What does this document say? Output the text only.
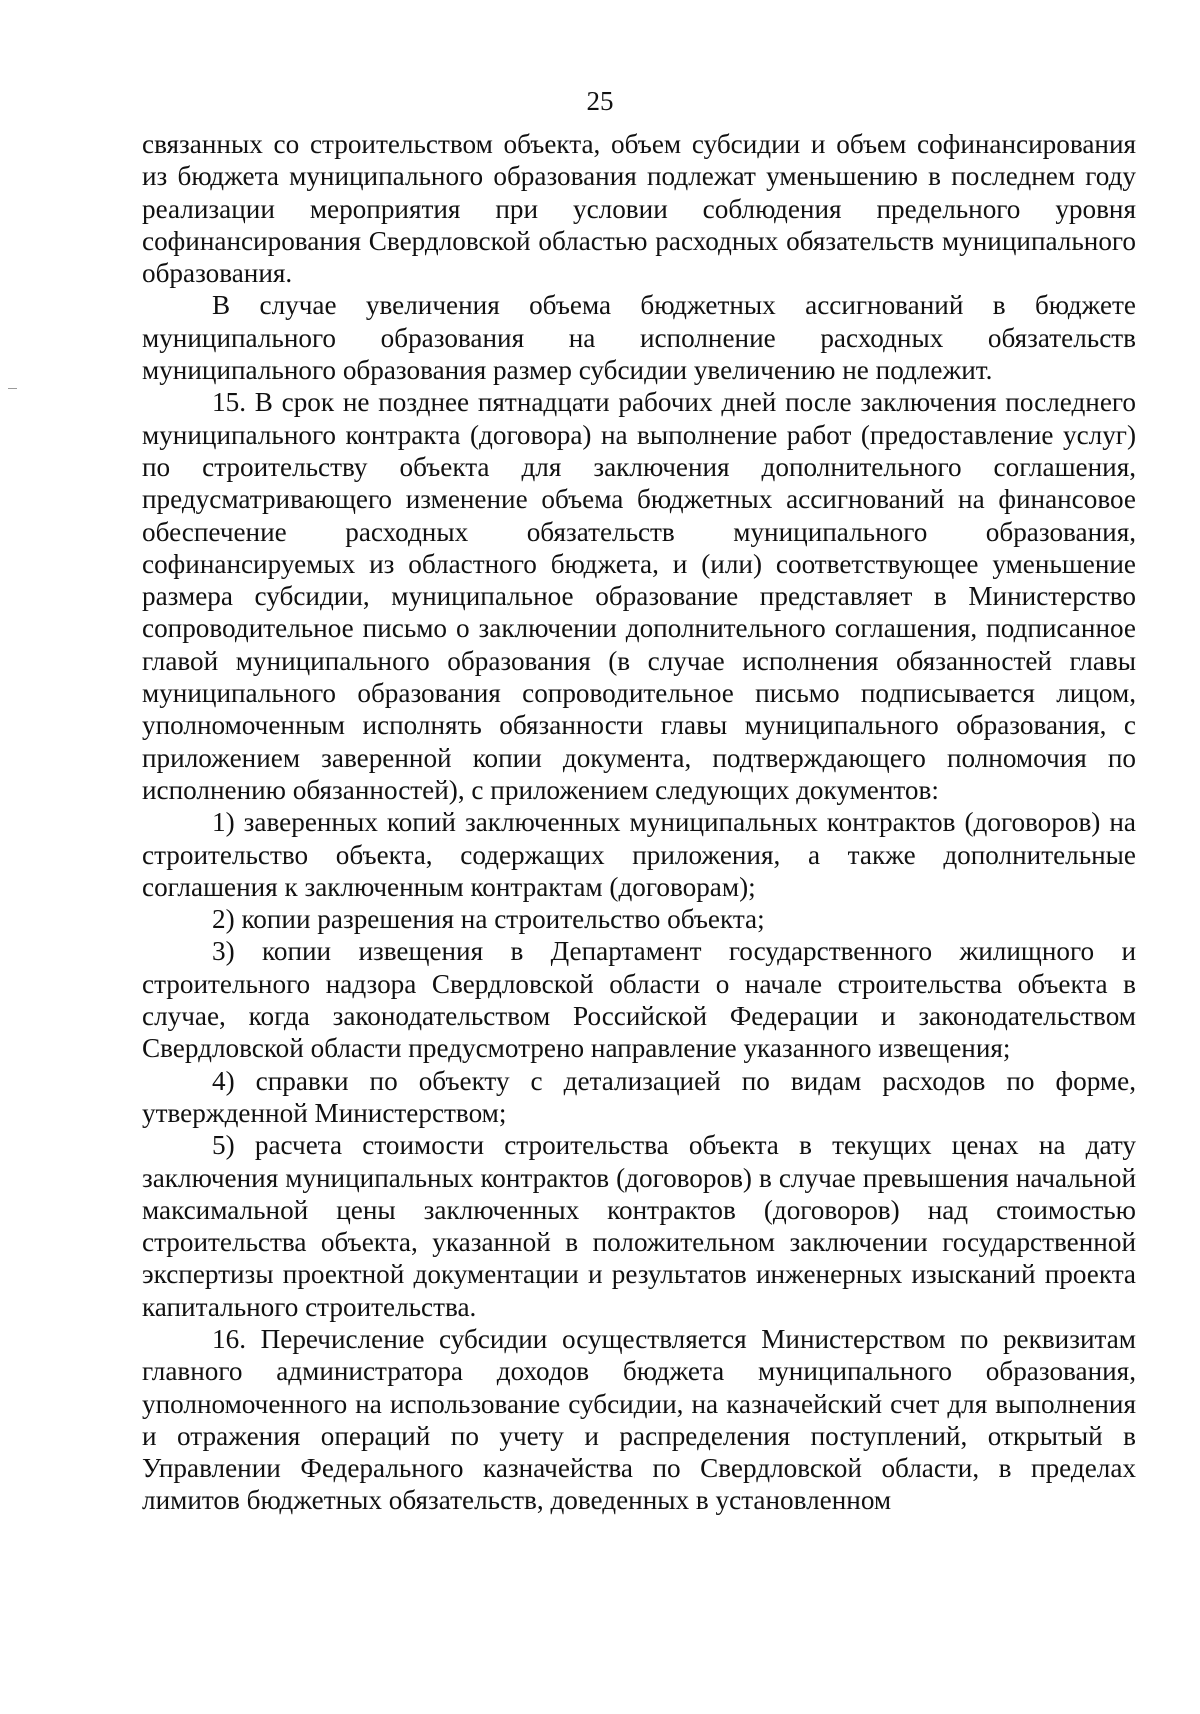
25

связанных со строительством объекта, объем субсидии и объем софинансирования из бюджета муниципального образования подлежат уменьшению в последнем году реализации мероприятия при условии соблюдения предельного уровня софинансирования Свердловской областью расходных обязательств муниципального образования.

В случае увеличения объема бюджетных ассигнований в бюджете муниципального образования на исполнение расходных обязательств муниципального образования размер субсидии увеличению не подлежит.

15. В срок не позднее пятнадцати рабочих дней после заключения последнего муниципального контракта (договора) на выполнение работ (предоставление услуг) по строительству объекта для заключения дополнительного соглашения, предусматривающего изменение объема бюджетных ассигнований на финансовое обеспечение расходных обязательств муниципального образования, софинансируемых из областного бюджета, и (или) соответствующее уменьшение размера субсидии, муниципальное образование представляет в Министерство сопроводительное письмо о заключении дополнительного соглашения, подписанное главой муниципального образования (в случае исполнения обязанностей главы муниципального образования сопроводительное письмо подписывается лицом, уполномоченным исполнять обязанности главы муниципального образования, с приложением заверенной копии документа, подтверждающего полномочия по исполнению обязанностей), с приложением следующих документов:

1) заверенных копий заключенных муниципальных контрактов (договоров) на строительство объекта, содержащих приложения, а также дополнительные соглашения к заключенным контрактам (договорам);

2) копии разрешения на строительство объекта;

3) копии извещения в Департамент государственного жилищного и строительного надзора Свердловской области о начале строительства объекта в случае, когда законодательством Российской Федерации и законодательством Свердловской области предусмотрено направление указанного извещения;

4) справки по объекту с детализацией по видам расходов по форме, утвержденной Министерством;

5) расчета стоимости строительства объекта в текущих ценах на дату заключения муниципальных контрактов (договоров) в случае превышения начальной максимальной цены заключенных контрактов (договоров) над стоимостью строительства объекта, указанной в положительном заключении государственной экспертизы проектной документации и результатов инженерных изысканий проекта капитального строительства.

16. Перечисление субсидии осуществляется Министерством по реквизитам главного администратора доходов бюджета муниципального образования, уполномоченного на использование субсидии, на казначейский счет для выполнения и отражения операций по учету и распределения поступлений, открытый в Управлении Федерального казначейства по Свердловской области, в пределах лимитов бюджетных обязательств, доведенных в установленном
